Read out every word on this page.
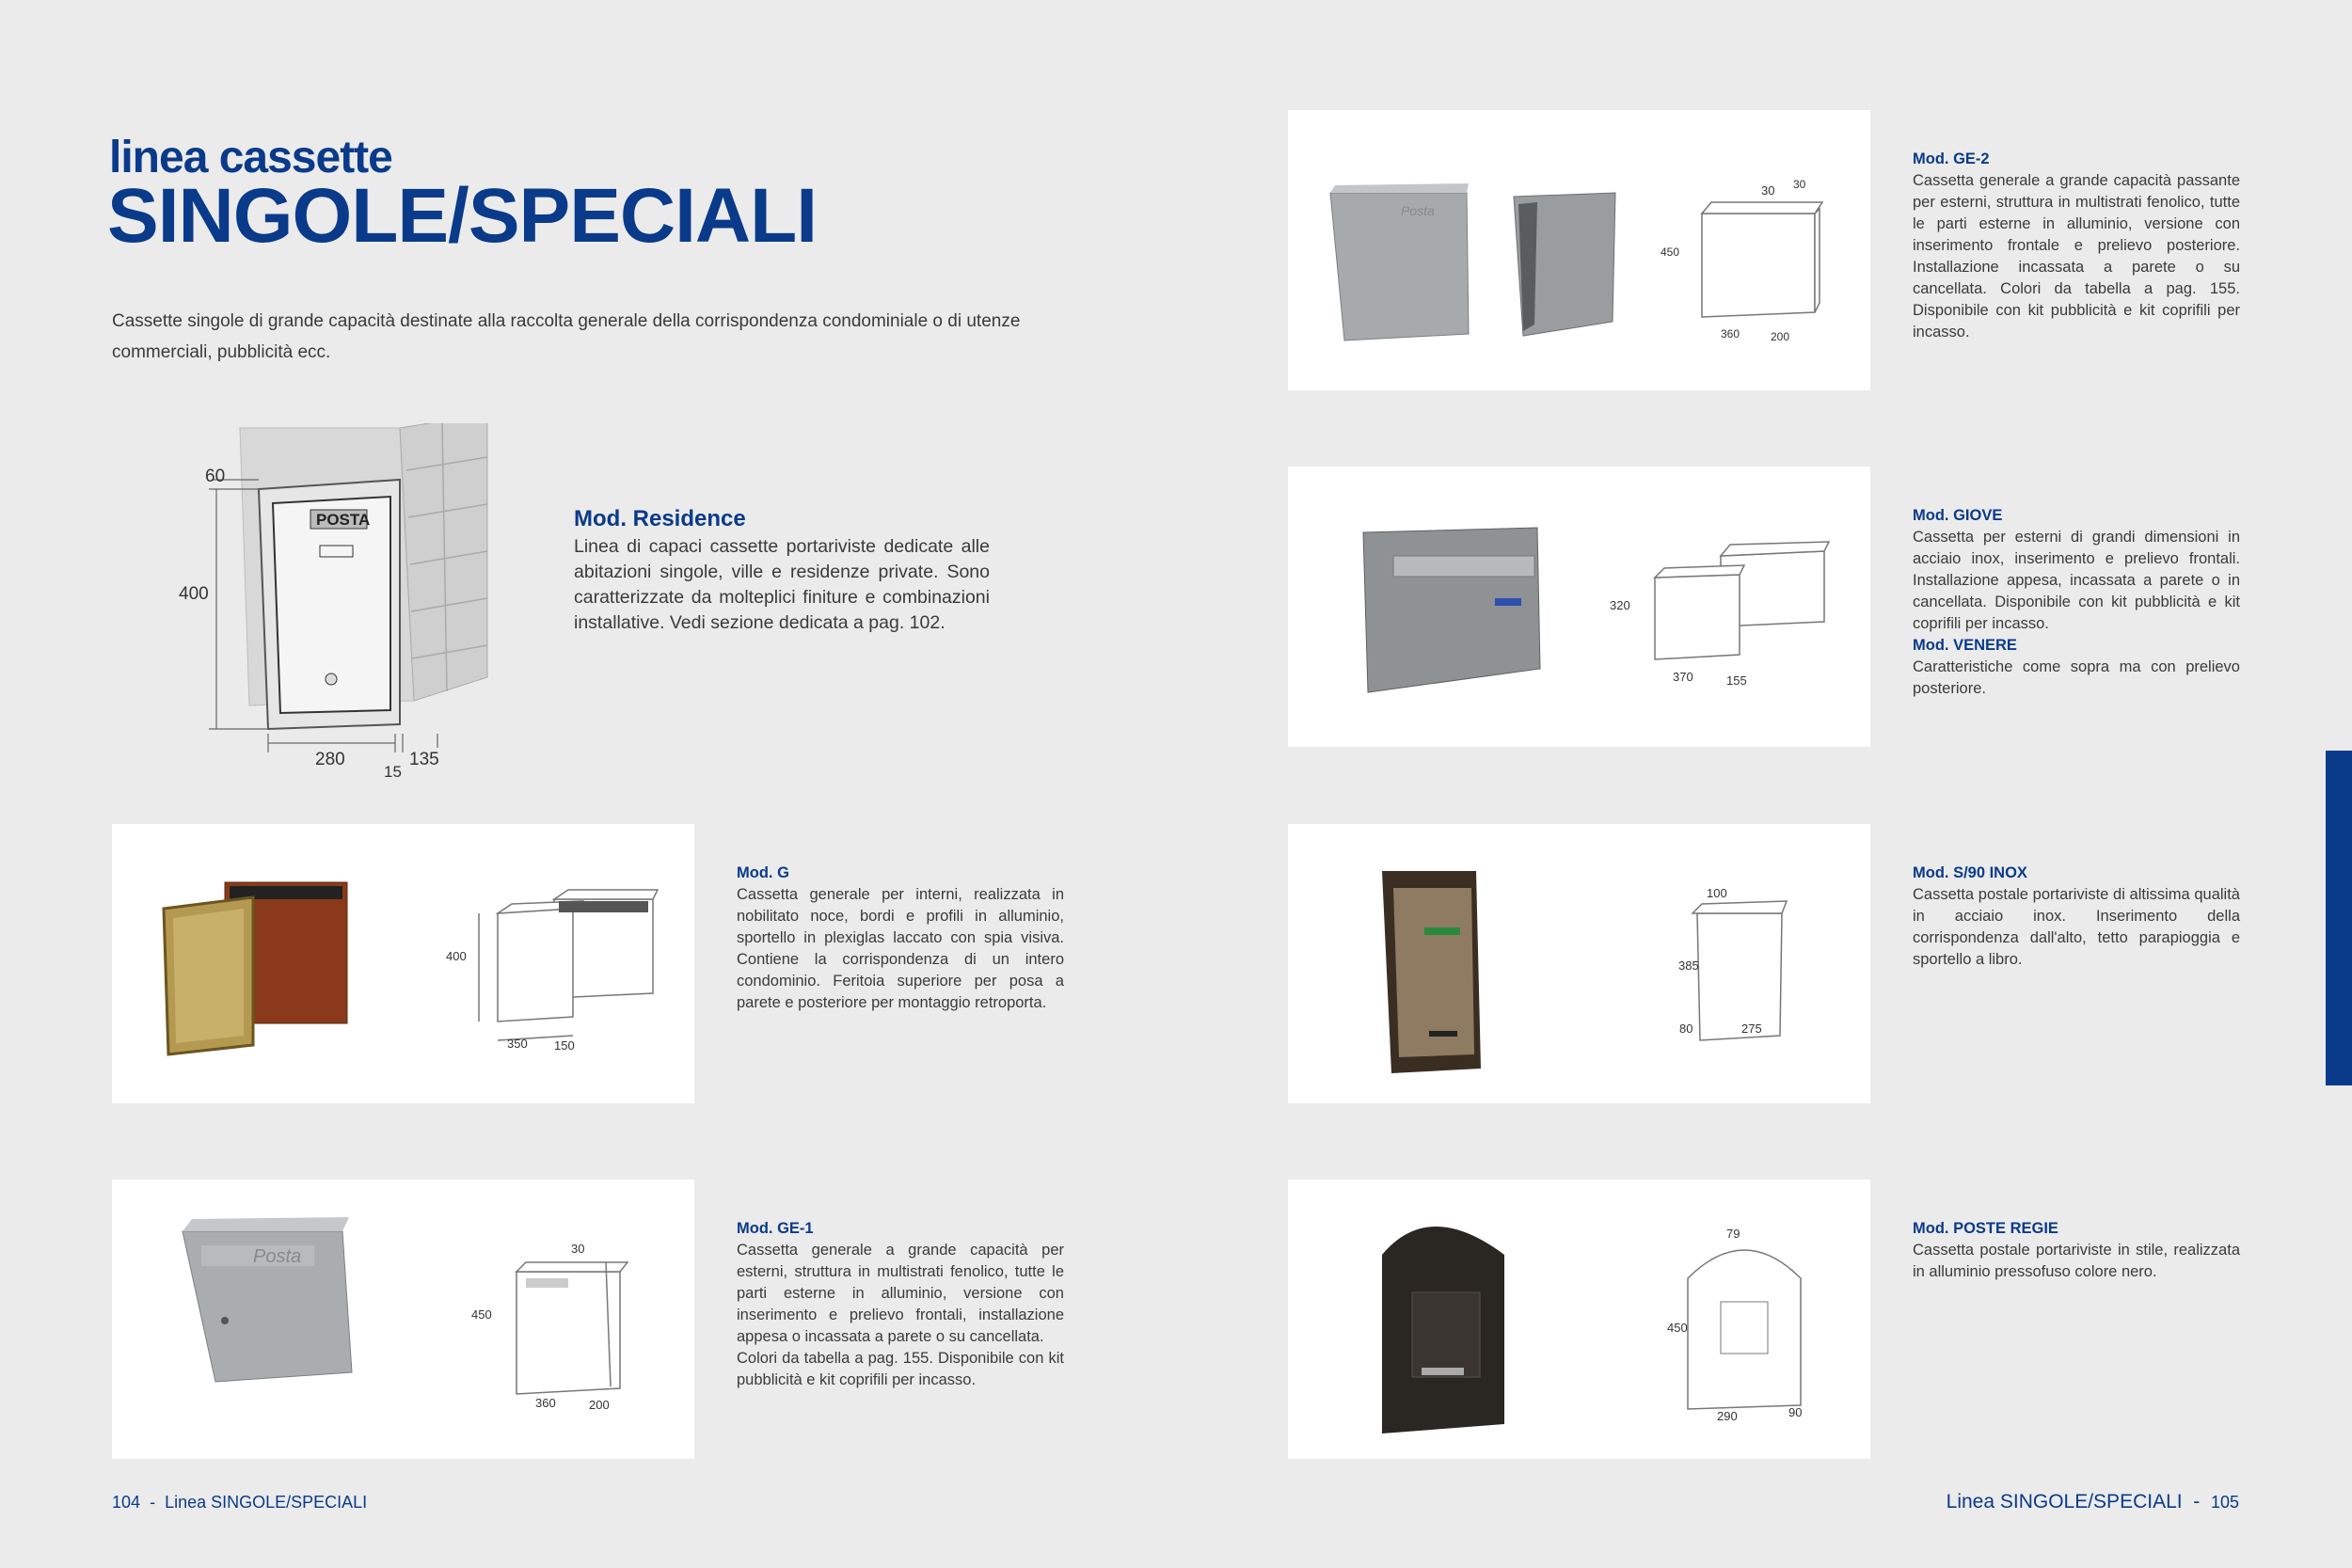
linea cassette
SINGOLE/SPECIALI
Cassette singole di grande capacità destinate alla raccolta generale della corrispondenza condominiale o di utenze commerciali, pubblicità ecc.
POSTA
60
400
280
15
135
Mod. Residence
Linea di capaci cassette portariviste dedicate alle abitazioni singole, ville e residenze private. Sono caratterizzate da molteplici finiture e combinazioni installative. Vedi sezione dedicata a pag. 102.
400
350 150
Mod. G
Cassetta generale per interni, realizzata in nobilitato noce, bordi e profili in alluminio, sportello in plexiglas laccato con spia visiva. Contiene la corrispondenza di un intero condominio. Feritoia superiore per posa a parete e posteriore per montaggio retroporta.
Posta	30
450
360	200
Mod. GE-1
Cassetta generale a grande capacità per esterni, struttura in multistrati fenolico, tutte le parti esterne in alluminio, versione con inserimento e prelievo frontali, installazione appesa o incassata a parete o su cancellata.
Colori da tabella a pag. 155. Disponibile con kit pubblicità e kit coprifili per incasso.
Posta
30 30
450
360	200
Mod. GE-2
Cassetta generale a grande capacità passante per esterni, struttura in multistrati fenolico, tutte le parti esterne in alluminio, versione con inserimento frontale e prelievo posteriore. Installazione incassata a parete o su cancellata. Colori da tabella a pag. 155. Disponibile con kit pubblicità e kit coprifili per incasso.
320
370	155
Mod. GIOVE
Cassetta per esterni di grandi dimensioni in acciaio inox, inserimento e prelievo frontali. Installazione appesa, incassata a parete o in cancellata. Disponibile con kit pubblicità e kit coprifili per incasso.
Mod. VENERE
Caratteristiche come sopra ma con prelievo posteriore.
100
385
80	275
Mod. S/90 INOX
Cassetta postale portariviste di altissima qualità in acciaio inox. Inserimento della corrispondenza dall'alto, tetto parapioggia e sportello a libro.
79
450
290	90
Mod. POSTE REGIE
Cassetta postale portariviste in stile, realizzata in alluminio pressofuso colore nero.
104 - Linea SINGOLE/SPECIALI	Linea SINGOLE/SPECIALI - 105
